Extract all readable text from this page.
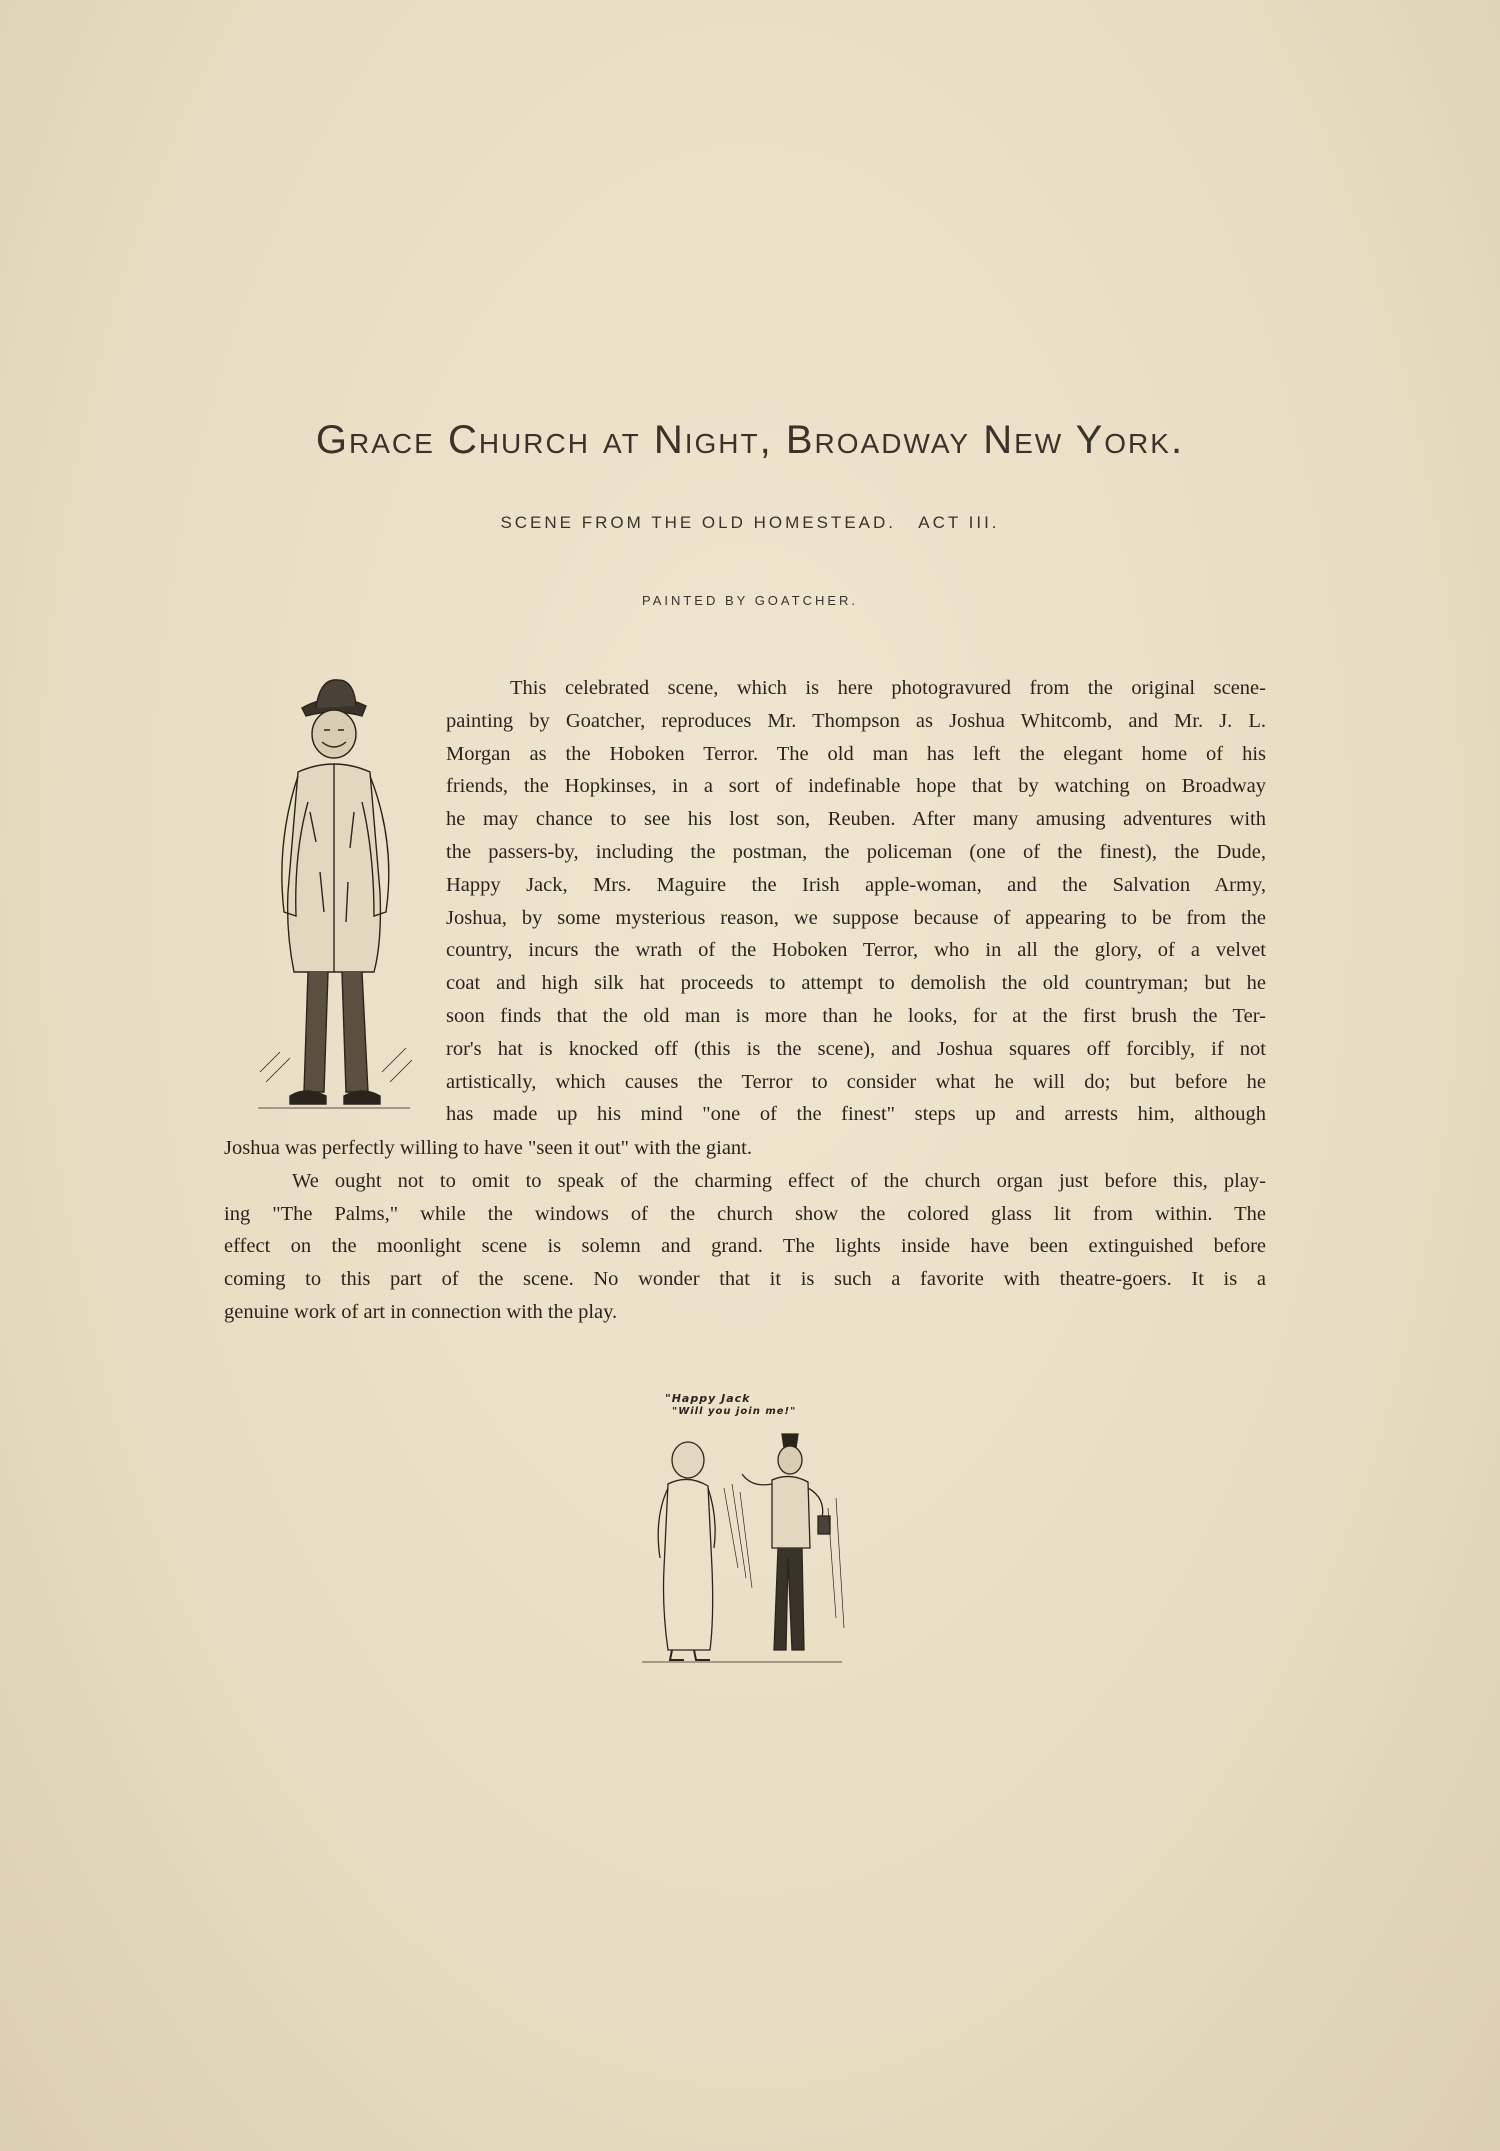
Grace Church at Night, Broadway New York.
SCENE FROM THE OLD HOMESTEAD.   ACT III.
PAINTED BY GOATCHER.
This celebrated scene, which is here photogravured from the original scene-
painting by Goatcher, reproduces Mr. Thompson as Joshua Whitcomb, and Mr. J. L.
Morgan as the Hoboken Terror. The old man has left the elegant home of his
friends, the Hopkinses, in a sort of indefinable hope that by watching on Broadway
he may chance to see his lost son, Reuben. After many amusing adventures with
the passers-by, including the postman, the policeman (one of the finest), the Dude,
Happy Jack, Mrs. Maguire the Irish apple-woman, and the Salvation Army,
Joshua, by some mysterious reason, we suppose because of appearing to be from the
country, incurs the wrath of the Hoboken Terror, who in all the glory, of a velvet
coat and high silk hat proceeds to attempt to demolish the old countryman; but he
soon finds that the old man is more than he looks, for at the first brush the Ter-
ror's hat is knocked off (this is the scene), and Joshua squares off forcibly, if not
artistically, which causes the Terror to consider what he will do; but before he
has made up his mind "one of the finest" steps up and arrests him, although
Joshua was perfectly willing to have "seen it out" with the giant.
We ought not to omit to speak of the charming effect of the church organ just before this, play-
ing "The Palms," while the windows of the church show the colored glass lit from within. The
effect on the moonlight scene is solemn and grand. The lights inside have been extinguished before
coming to this part of the scene. No wonder that it is such a favorite with theatre-goers. It is a
genuine work of art in connection with the play.
"Happy Jack
"Will you join me!"
